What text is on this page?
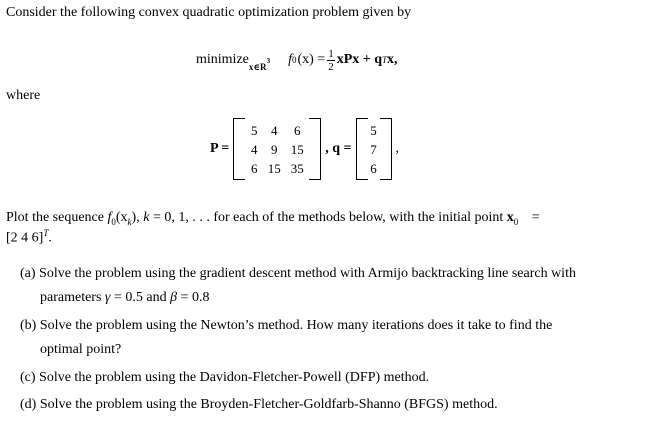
Consider the following convex quadratic optimization problem given by
minimize $x\in R^3$ f 0 $(x) = \frac{1}{2}$ xPx + q T x,
where
P =
5	4	6
4	9	15
6 15 35
, q =
5
7
6
,
Plot the sequence $f_0(x_k)$, k = 0, 1, . . . for each of the methods below, with the initial point $x_0$ =
[2 4 6]$^T$.
(a) Solve the problem using the gradient descent method with Armijo backtracking line search with
parameters γ = 0.5 and β = 0.8
(b) Solve the problem using the Newton’s method. How many iterations does it take to find the
optimal point?
(c) Solve the problem using the Davidon-Fletcher-Powell (DFP) method.
(d) Solve the problem using the Broyden-Fletcher-Goldfarb-Shanno (BFGS) method.
